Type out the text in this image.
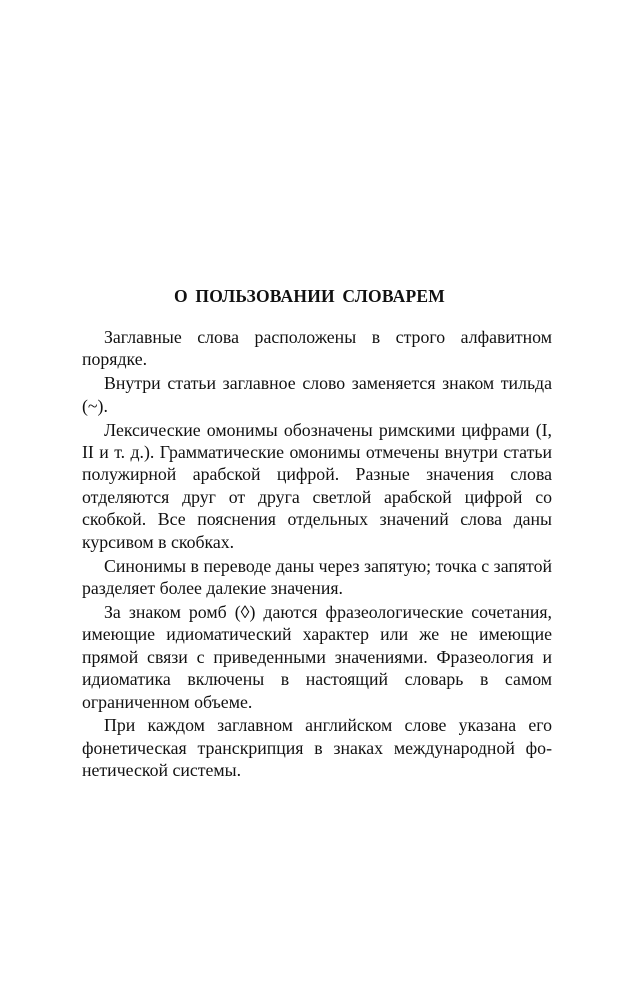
О ПОЛЬЗОВАНИИ СЛОВАРЕМ

Заглавные слова расположены в строго алфавитном порядке.

Внутри статьи заглавное слово заменяется знаком тильда (~).

Лексические омонимы обозначены римскими цифрами (I, II и т. д.). Грамматические омонимы отмечены внутри статьи полужирной арабской цифрой. Разные значения слова отделяются друг от друга светлой арабской цифрой со скобкой. Все пояснения отдельных значений слова даны курсивом в скобках.

Синонимы в переводе даны через запятую; точка с запятой разделяет более далекие значения.

За знаком ромб (◊) даются фразеологические сочетания, имеющие идиоматический характер или же не имеющие прямой связи с приведенными значениями. Фразеология и идиоматика включены в настоящий словарь в самом ограниченном объеме.

При каждом заглавном английском слове указана его фонетическая транскрипция в знаках международной фонетической системы.
